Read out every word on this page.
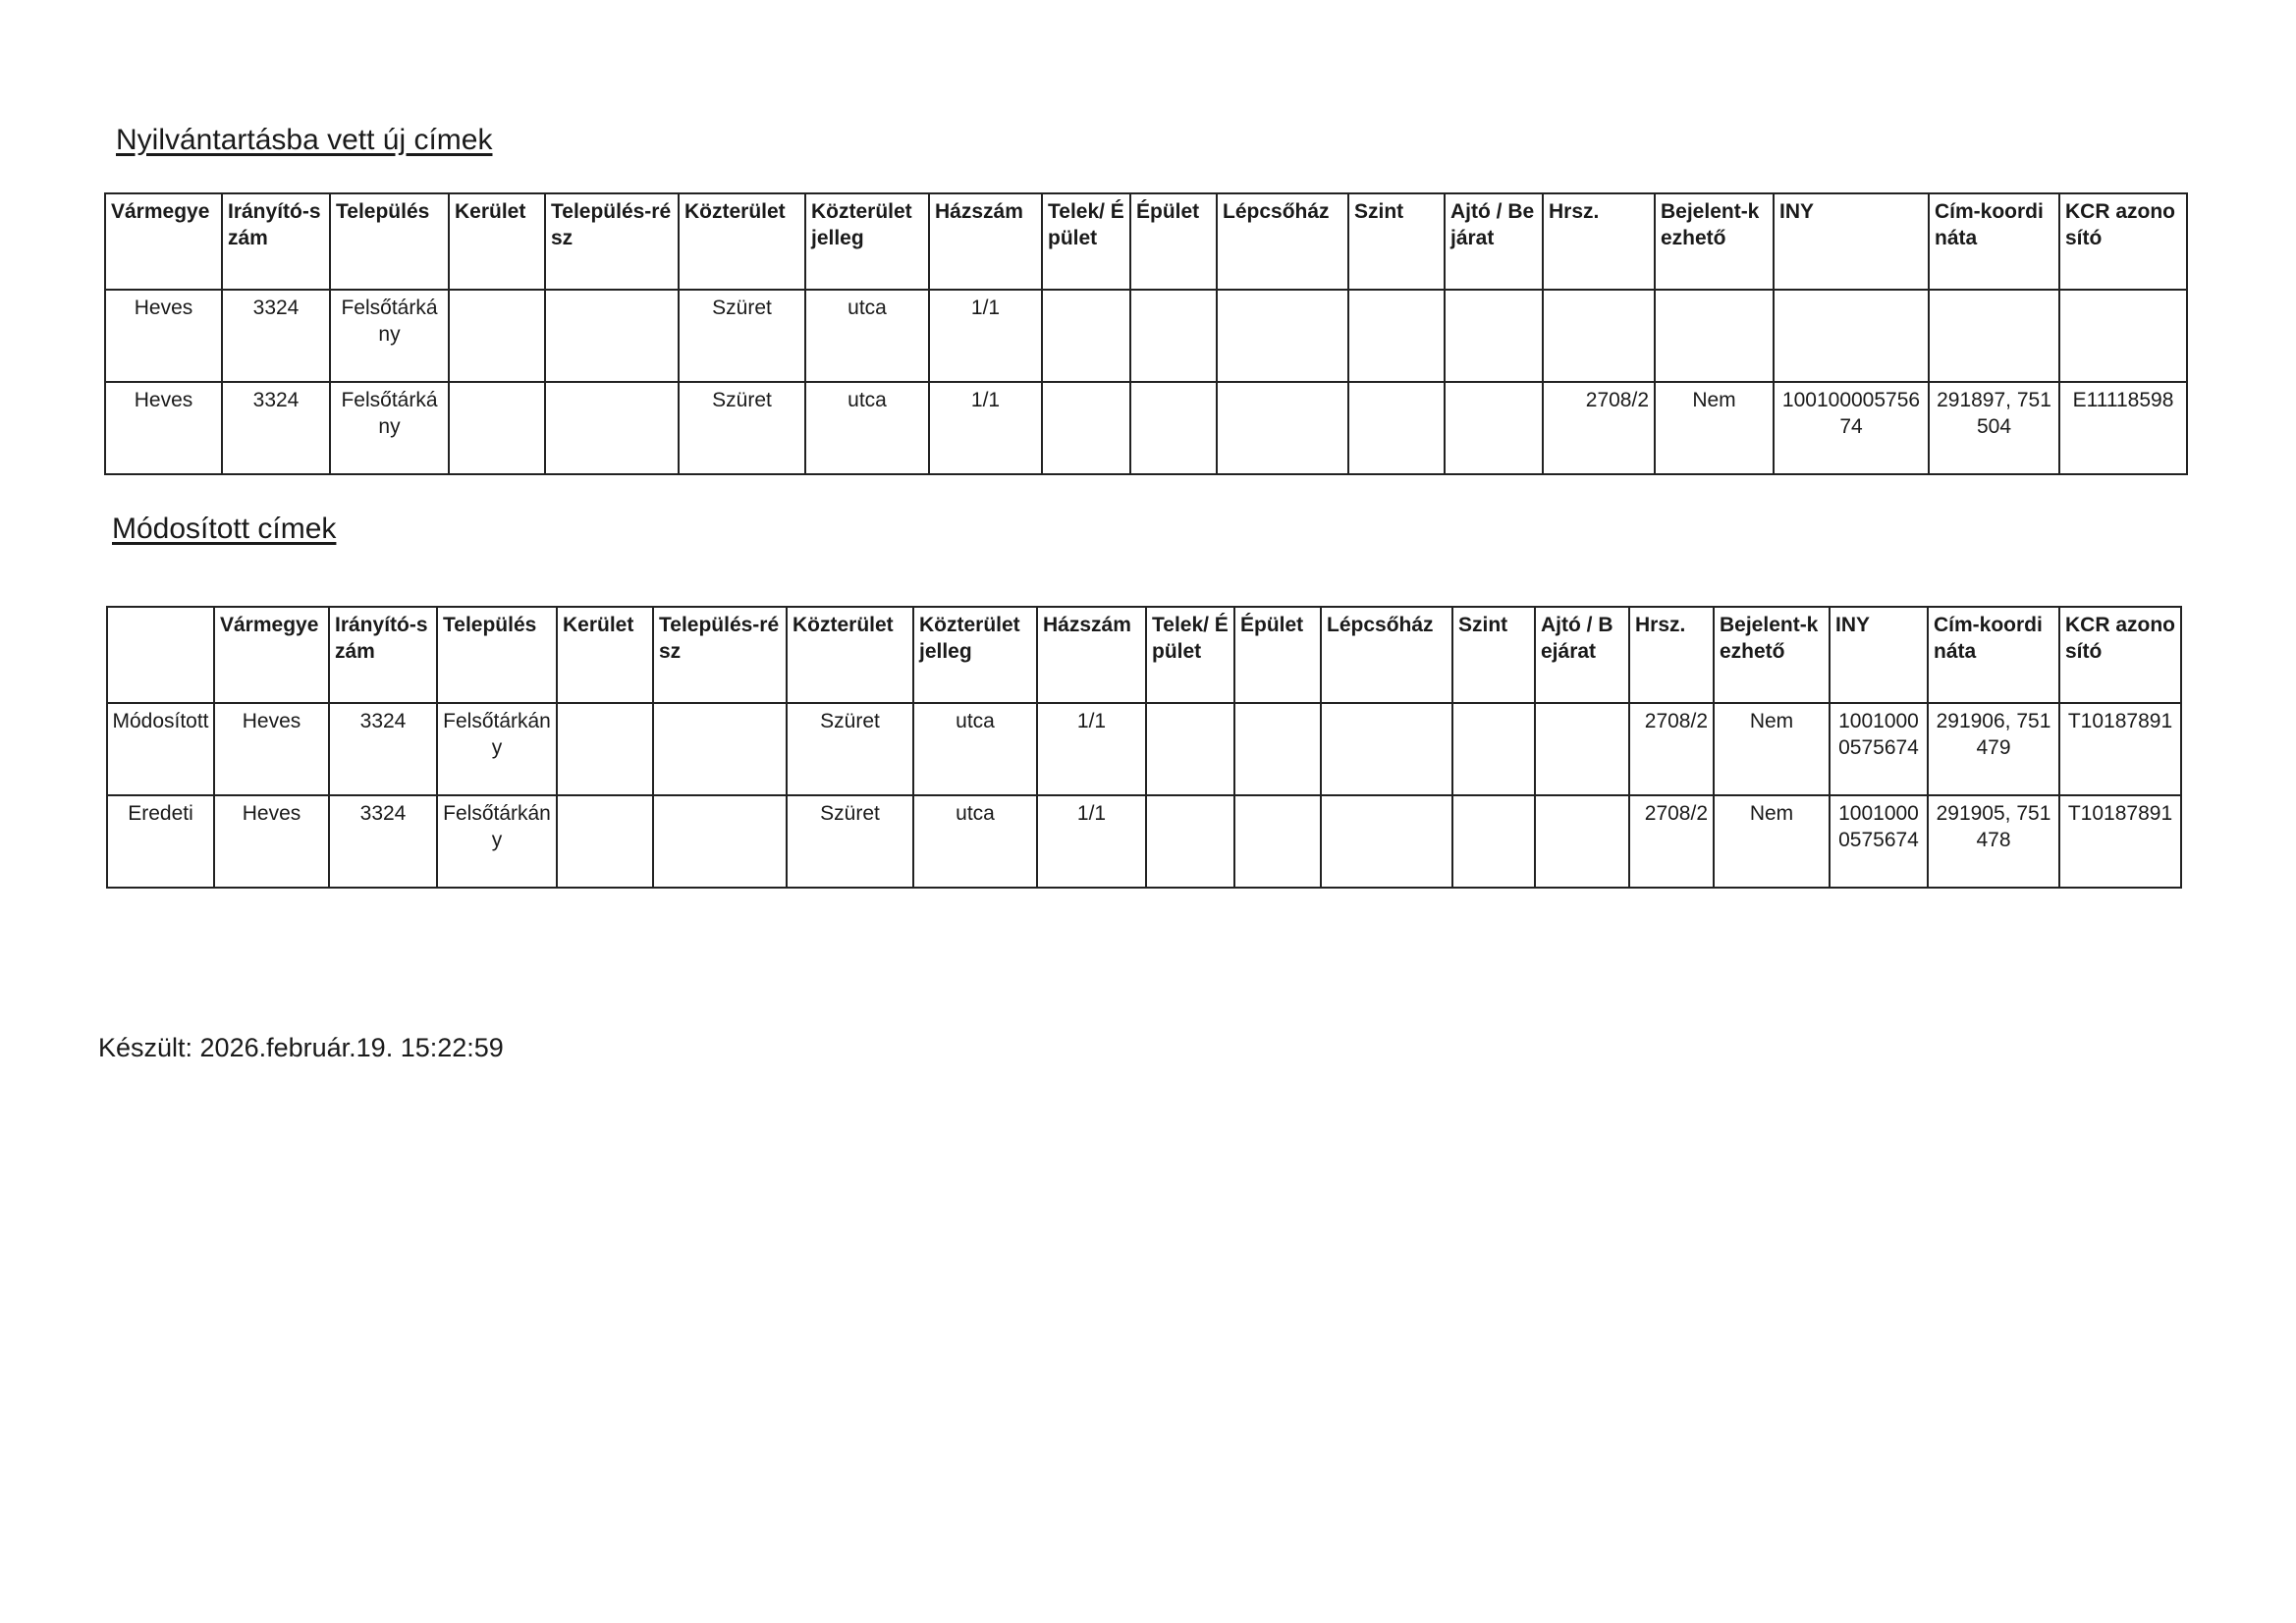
Nyilvántartásba vett új címek
Vármegye	Irányító-szám	Település	Kerület	Település-rész	Közterület	Közterület jelleg	Házszám	Telek/ Épület	Épület	Lépcsőház	Szint	Ajtó / Bejárat	Hrsz.	Bejelent-kezhető	INY	Cím-koordináta	KCR azonosító
Heves	3324	Felsőtárkány			Szüret	utca	1/1										
Heves	3324	Felsőtárkány			Szüret	utca	1/1						2708/2	Nem	10010000575674	291897, 751504	E11118598
Módosított címek
	Vármegye	Irányító-szám	Település	Kerület	Település-rész	Közterület	Közterület jelleg	Házszám	Telek/ Épület	Épület	Lépcsőház	Szint	Ajtó / Bejárat	Hrsz.	Bejelent-kezhető	INY	Cím-koordináta	KCR azonosító
Módosított	Heves	3324	Felsőtárkány			Szüret	utca	1/1						2708/2	Nem	10010000575674	291906, 751479	T10187891
Eredeti	Heves	3324	Felsőtárkány			Szüret	utca	1/1						2708/2	Nem	10010000575674	291905, 751478	T10187891
Készült: 2026.február.19. 15:22:59
